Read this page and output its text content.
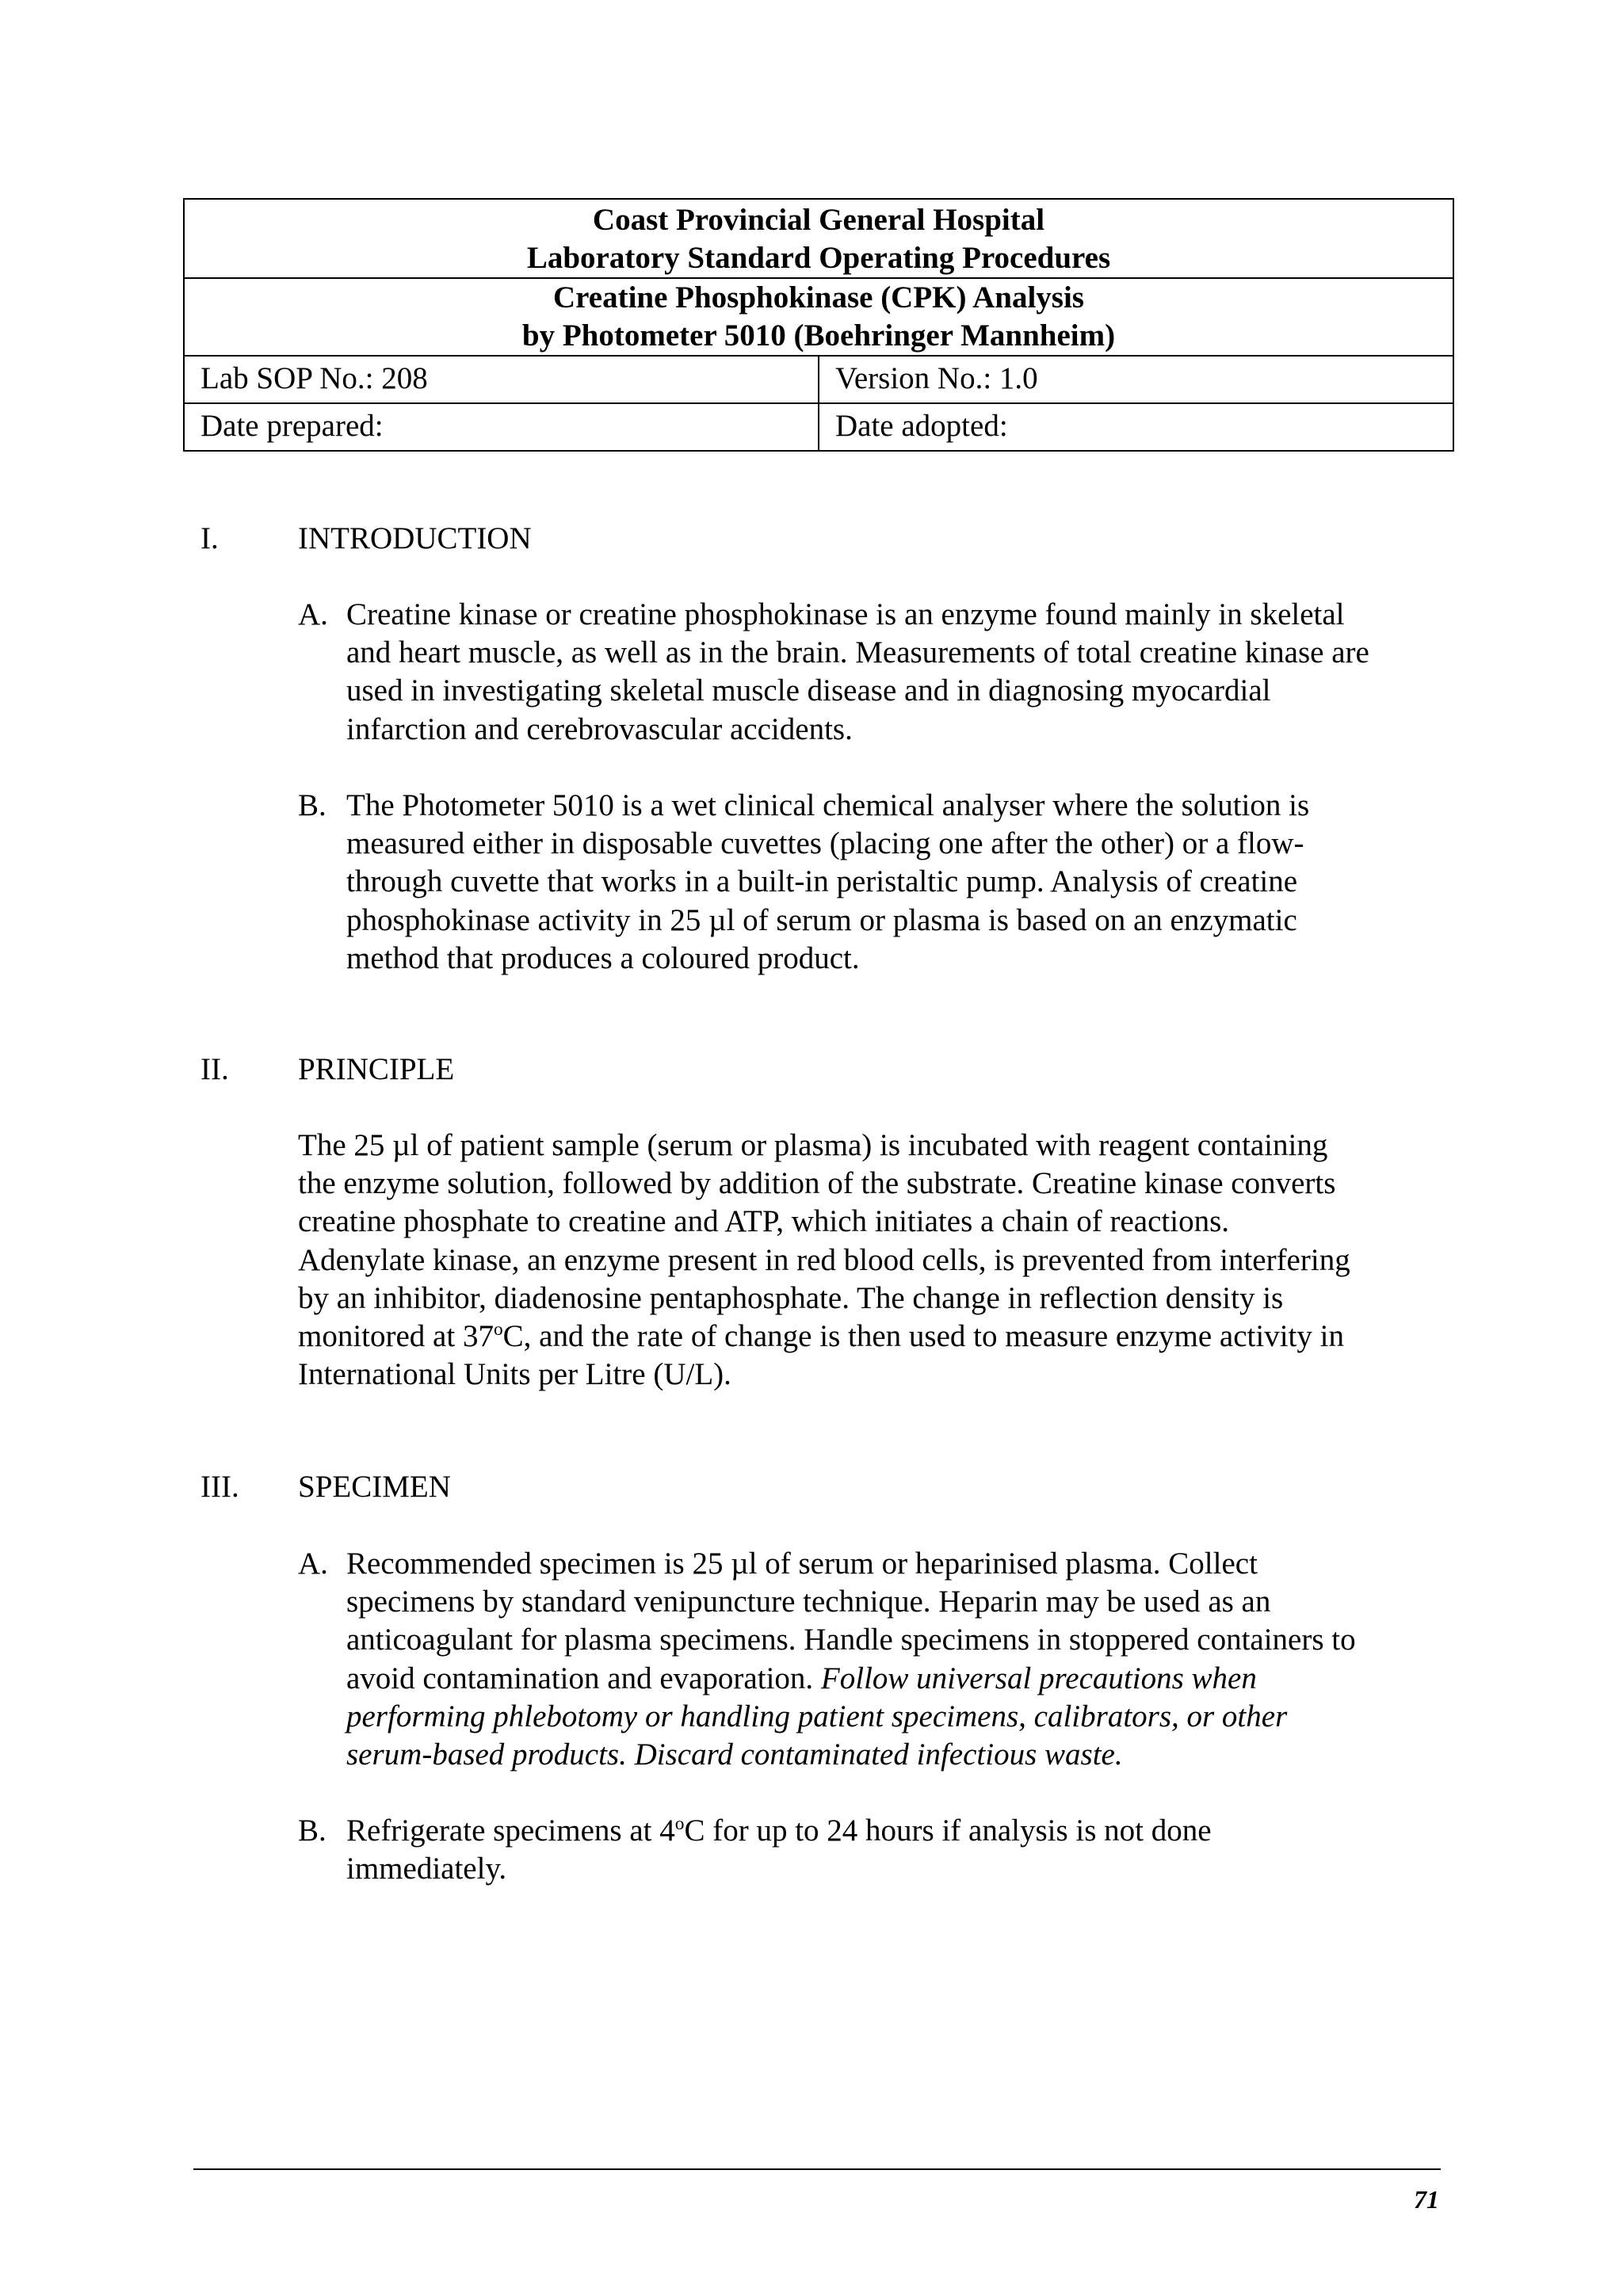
Coast Provincial General Hospital
Laboratory Standard Operating Procedures	

Creatine Phosphokinase (CPK) Analysis
by Photometer 5010 (Boehringer Mannheim)	

Lab SOP No.: 208	Version No.: 1.0
Date prepared:	Date adopted:
I.	INTRODUCTION
A. Creatine kinase or creatine phosphokinase is an enzyme found mainly in skeletal
and heart muscle, as well as in the brain. Measurements of total creatine kinase are
used in investigating skeletal muscle disease and in diagnosing myocardial
infarction and cerebrovascular accidents.
B. The Photometer 5010 is a wet clinical chemical analyser where the solution is
measured either in disposable cuvettes (placing one after the other) or a flow-
through cuvette that works in a built-in peristaltic pump. Analysis of creatine
phosphokinase activity in 25 µl of serum or plasma is based on an enzymatic
method that produces a coloured product.
II. PRINCIPLE
The 25 µl of patient sample (serum or plasma) is incubated with reagent containing
the enzyme solution, followed by addition of the substrate. Creatine kinase converts
creatine phosphate to creatine and ATP, which initiates a chain of reactions.
Adenylate kinase, an enzyme present in red blood cells, is prevented from interfering
by an inhibitor, diadenosine pentaphosphate. The change in reflection density is
monitored at 37$^o$C, and the rate of change is then used to measure enzyme activity in
International Units per Litre (U/L).
III. SPECIMEN
A. Recommended specimen is 25 µl of serum or heparinised plasma. Collect
specimens by standard venipuncture technique. Heparin may be used as an
anticoagulant for plasma specimens. Handle specimens in stoppered containers to
avoid contamination and evaporation. Follow universal precautions when
performing phlebotomy or handling patient specimens, calibrators, or other
serum-based products. Discard contaminated infectious waste.
B. Refrigerate specimens at 4$^o$C for up to 24 hours if analysis is not done
immediately.
71
